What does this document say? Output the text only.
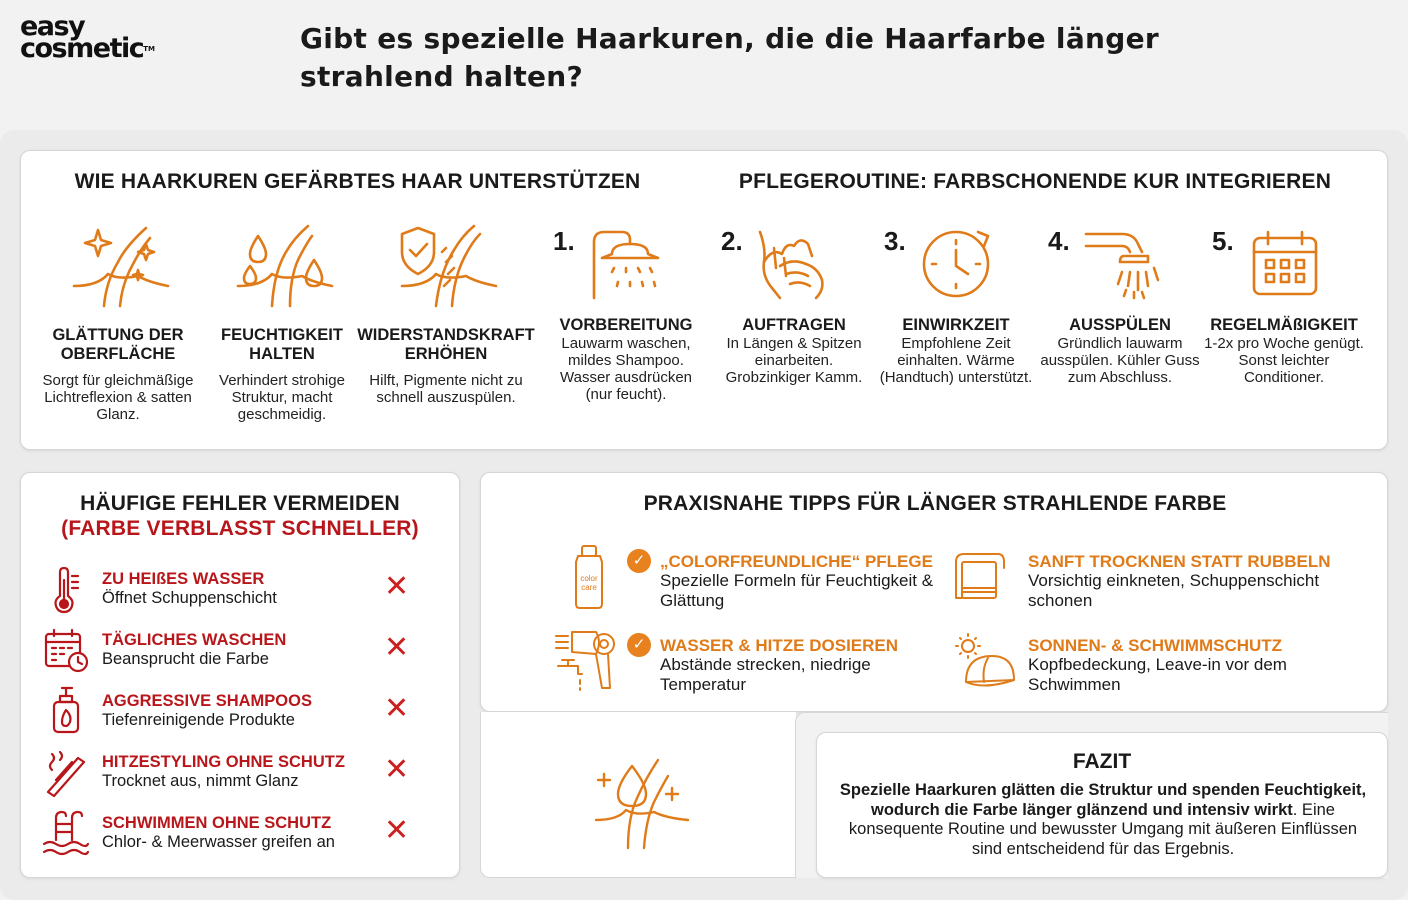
easy
cosmetic™	Gibt es spezielle Haarkuren, die die Haarfarbe länger strahlend halten?
WIE HAARKUREN GEFÄRBTES HAAR UNTERSTÜTZEN	PFLEGEROUTINE: FARBSCHONENDE KUR INTEGRIEREN
GLÄTTUNG DER OBERFLÄCHE
Sorgt für gleichmäßige Lichtreflexion & satten Glanz.
FEUCHTIGKEIT HALTEN
Verhindert strohige Struktur, macht geschmeidig.
WIDERSTANDSKRAFT ERHÖHEN
Hilft, Pigmente nicht zu schnell auszuspülen.
1.	2.	3.	4.	5.
VORBEREITUNG
Lauwarm waschen, mildes Shampoo. Wasser ausdrücken (nur feucht).
AUFTRAGEN
In Längen & Spitzen einarbeiten. Grobzinkiger Kamm.
EINWIRKZEIT
Empfohlene Zeit einhalten. Wärme (Handtuch) unterstützt.
AUSSPÜLEN
Gründlich lauwarm ausspülen. Kühler Guss zum Abschluss.
REGELMÄßIGKEIT
1-2x pro Woche genügt. Sonst leichter Conditioner.
HÄUFIGE FEHLER VERMEIDEN
(FARBE VERBLASST SCHNELLER)
ZU HEIßES WASSER
Öffnet Schuppenschicht
TÄGLICHES WASCHEN
Beansprucht die Farbe
AGGRESSIVE SHAMPOOS
Tiefenreinigende Produkte
HITZESTYLING OHNE SCHUTZ
Trocknet aus, nimmt Glanz
SCHWIMMEN OHNE SCHUTZ
Chlor- & Meerwasser greifen an
✕
✕
✕
✕
✕
PRAXISNAHE TIPPS FÜR LÄNGER STRAHLENDE FARBE
color care
✓
✓
„COLORFREUNDLICHE“ PFLEGE
Spezielle Formeln für Feuchtigkeit & Glättung
WASSER & HITZE DOSIEREN
Abstände strecken, niedrige Temperatur
SANFT TROCKNEN STATT RUBBELN
Vorsichtig einkneten, Schuppenschicht schonen
SONNEN- & SCHWIMMSCHUTZ
Kopfbedeckung, Leave-in vor dem Schwimmen
FAZIT
Spezielle Haarkuren glätten die Struktur und spenden Feuchtigkeit, wodurch die Farbe länger glänzend und intensiv wirkt. Eine konsequente Routine und bewusster Umgang mit äußeren Einflüssen sind entscheidend für das Ergebnis.
